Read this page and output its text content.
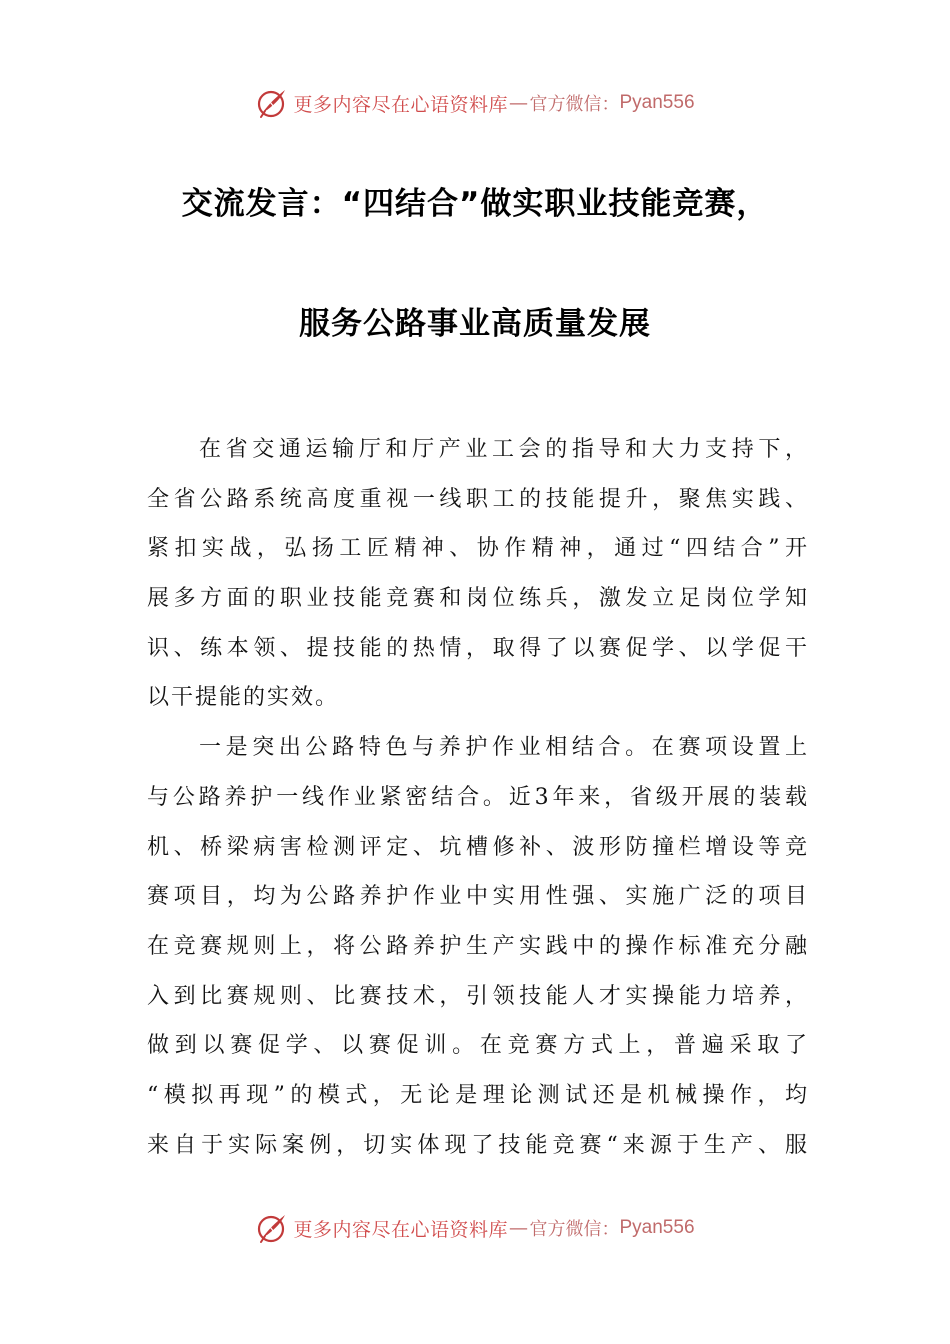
更多内容尽在心语资料库 — 官方微信： Pyan556
交流发言：“四结合”做实职业技能竞赛，
服务公路事业高质量发展
在省交通运输厅和厅产业工会的指导和大力支持下，
全省公路系统高度重视一线职工的技能提升，聚焦实践、
紧扣实战，弘扬工匠精神、协作精神，通过“四结合”开
展多方面的职业技能竞赛和岗位练兵，激发立足岗位学知
识、练本领、提技能的热情，取得了以赛促学、以学促干
以干提能的实效。
一是突出公路特色与养护作业相结合。在赛项设置上
与公路养护一线作业紧密结合。近3年来，省级开展的装载
机、桥梁病害检测评定、坑槽修补、波形防撞栏增设等竞
赛项目，均为公路养护作业中实用性强、实施广泛的项目
在竞赛规则上，将公路养护生产实践中的操作标准充分融
入到比赛规则、比赛技术，引领技能人才实操能力培养，
做到以赛促学、以赛促训。在竞赛方式上，普遍采取了
“模拟再现”的模式，无论是理论测试还是机械操作，均
来自于实际案例，切实体现了技能竞赛“来源于生产、服
更多内容尽在心语资料库 — 官方微信： Pyan556
